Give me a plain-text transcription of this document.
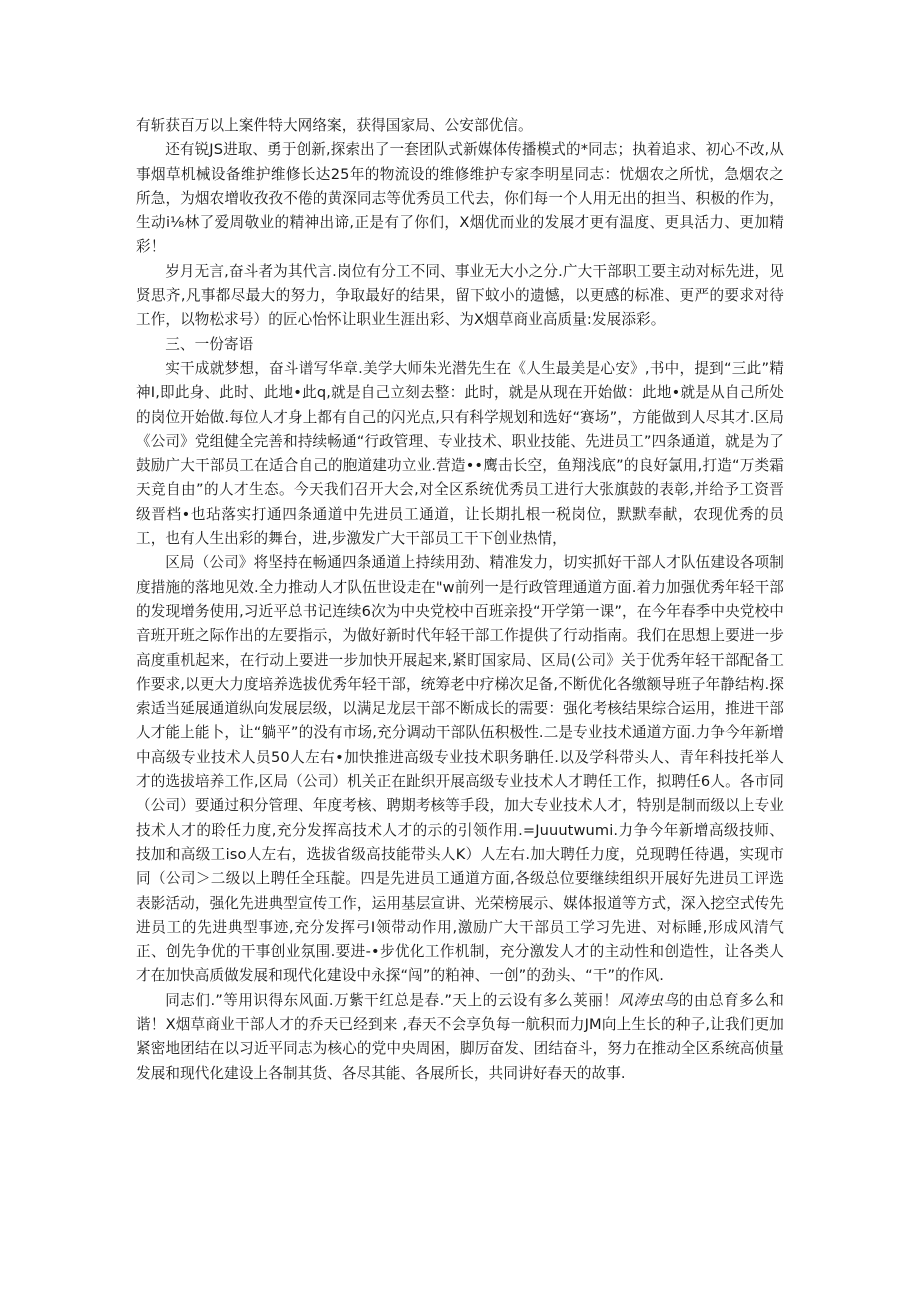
有斩获百万以上案件特大网络案，获得国家局、公安部优信。

还有锐JS进取、勇于创新,探索出了一套团队式新媒体传播模式的*同志；执着追求、初心不改,从事烟草机械设备维护维修长达25年的物流设的维修维护专家李明星同志：忧烟农之所忧，急烟农之所急，为烟农增收孜孜不倦的黄深同志等优秀员工代去，你们每一个人用无出的担当、积极的作为，生动i⅛林了爱周敬业的精神出谛,正是有了你们，X烟优而业的发展才更有温度、更具活力、更加精彩！

岁月无言,奋斗者为其代言.岗位有分工不同、事业无大小之分.广大干部职工要主动对标先进，见贤思齐,凡事都尽最大的努力，争取最好的结果，留下蚊小的遗憾，以更感的标准、更严的要求对待工作，以物松求号）的匠心怡怀让职业生涯出彩、为X烟草商业高质量:发展添彩。

三、一份寄语

实干成就梦想，奋斗谱写华章.美学大师朱光潜先生在《人生最美是心安》,书中，提到“三此”精神I,即此身、此时、此地•此q,就是自己立刻去整：此时，就是从现在开始做：此地•就是从自己所处的岗位开始做.每位人才身上都有自己的闪光点,只有科学规划和选好“赛场”，方能做到人尽其才.区局《公司》党组健全完善和持续畅通“行政管理、专业技术、职业技能、先进员工”四条通道，就是为了鼓励广大干部员工在适合自己的胞道建功立业.营造••鹰击长空，鱼翔浅底”的良好氯用,打造“万类霜天竞自由”的人才生态。今天我们召开大会,对全区系统优秀员工进行大张旗鼓的表彰,并给予工资晋级晋档•也玷落实打通四条通道中先进员工通道，让长期扎根一税岗位，默默奉献，农现优秀的员工，也有人生出彩的舞台，进,步激发广大干部员工干下创业热情，

区局（公司》将坚持在畅通四条通道上持续用劲、精准发力，切实抓好干部人才队伍建设各项制度措施的落地见效.全力推动人才队伍世设走在"w前列一是行政管理通道方面.着力加强优秀年轻干部的发现增务使用,习近平总书记连续6次为中央党校中百班亲投“开学第一课”，在今年春季中央党校中音班开班之际作出的左要指示，为做好新时代年轻干部工作提供了行动指南。我们在思想上要进一步高度重机起来，在行动上要进一步加快开展起来,紧盯国家局、区局(公司》关于优秀年轻干部配备工作要求,以更大力度培养选拔优秀年轻干部，统筹老中疗梯次足备,不断优化各缴额导班子年静结构.探索适当延展通道纵向发展层级，以满足龙层干部不断成长的需要：强化考核结果综合运用，推进干部人才能上能卜，让“躺平”的没有市场,充分调动干部队伍积极性.二是专业技术通道方面.力争今年新增中高级专业技术人员50人左右•加快推进高级专业技术职务聃任.以及学科带头人、青年科技托举人才的选拔培养工作,区局（公司）机关正在趾织开展高级专业技术人才聘任工作，拟聘任6人。各市同（公司）要通过积分管理、年度考核、聘期考核等手段，加大专业技术人才，特别是制而级以上专业技术人才的聆任力度,充分发挥高技术人才的示的引领作用.=Juuutwumi.力争今年新增高级技师、技加和高级工iso人左右，选拔省级高技能带头人K）人左右.加大聘任力度，兑现聘任待遇，实现市同（公司＞二级以上聘任全珏靛。四是先进员工通道方面,各级总位要继续组织开展好先进员工评选表影活动，强化先进典型宣传工作，运用基层宣讲、光荣榜展示、媒体报道等方式，深入挖空式传先进员工的先进典型事迹,充分发挥弓I领带动作用,激励广大干部员工学习先进、对标睡,形成风清气正、创先争优的干事创业氛围.要进-•步优化工作机制，充分激发人才的主动性和创造性，让各类人才在加快高质做发展和现代化建设中永探“闯”的粕神、一创”的劲头、“干”的作风.

同志们.”等用识得东风面.万紫干红总是春.”天上的云设有多么荚丽！风涛虫鸟的由总育多么和谐！X烟草商业干部人才的乔天已经到来 ,春天不会享负每一航积而力JM向上生长的种子,让我们更加紧密地团结在以习近平同志为核心的党中央周困，脚厉奋发、团结奋斗，努力在推动全区系统高侦量发展和现代化建设上各制其货、各尽其能、各展所长，共同讲好春天的故事.
